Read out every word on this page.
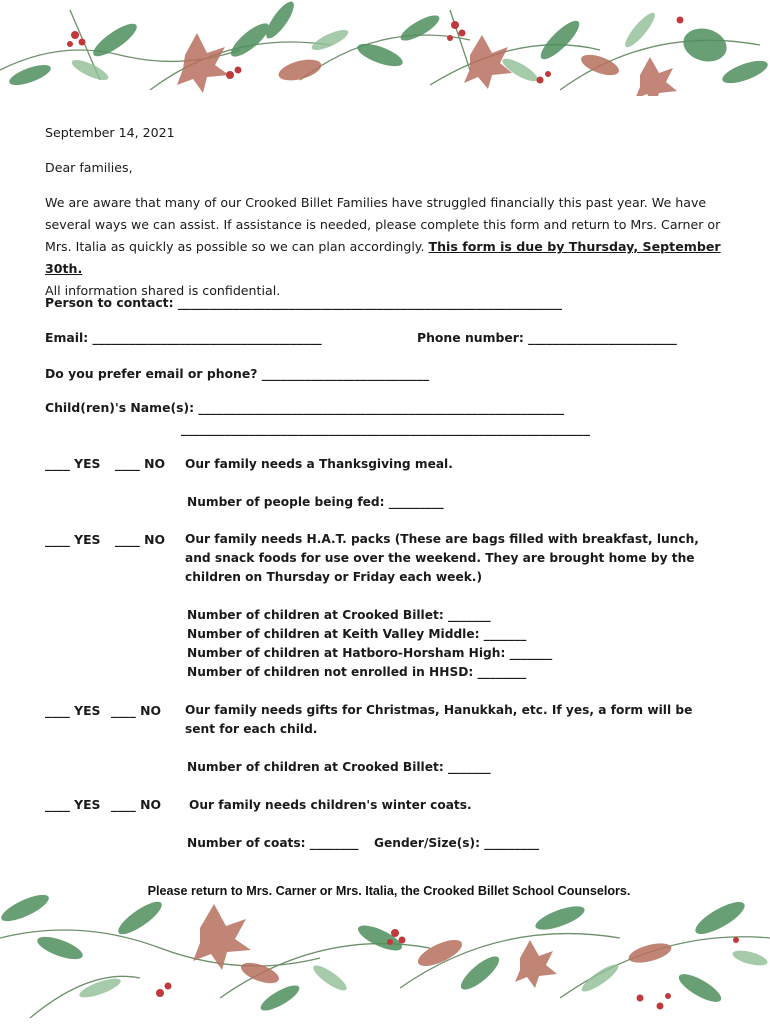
September 14, 2021
Dear families,
We are aware that many of our Crooked Billet Families have struggled financially this past year. We have several ways we can assist. If assistance is needed, please complete this form and return to Mrs. Carner or Mrs. Italia as quickly as possible so we can plan accordingly. This form is due by Thursday, September 30th.
All information shared is confidential.
Person to contact: ______________________________________________________________
Email: _____________________________________	Phone number: ________________________
Do you prefer email or phone? ___________________________
Child(ren)'s Name(s): ___________________________________________________________
__________________________________________________________________
____ YES ____ NO Our family needs a Thanksgiving meal.
Number of people being fed: _________
____ YES ____ NO Our family needs H.A.T. packs (These are bags filled with breakfast, lunch, and snack foods for use over the weekend. They are brought home by the children on Thursday or Friday each week.)
Number of children at Crooked Billet: _______
Number of children at Keith Valley Middle: _______
Number of children at Hatboro-Horsham High: _______
Number of children not enrolled in HHSD: ________
____ YES ____ NO Our family needs gifts for Christmas, Hanukkah, etc. If yes, a form will be sent for each child.
Number of children at Crooked Billet: _______
____ YES ____ NO Our family needs children's winter coats.
Number of coats: ________ Gender/Size(s): _________
Please return to Mrs. Carner or Mrs. Italia, the Crooked Billet School Counselors.
